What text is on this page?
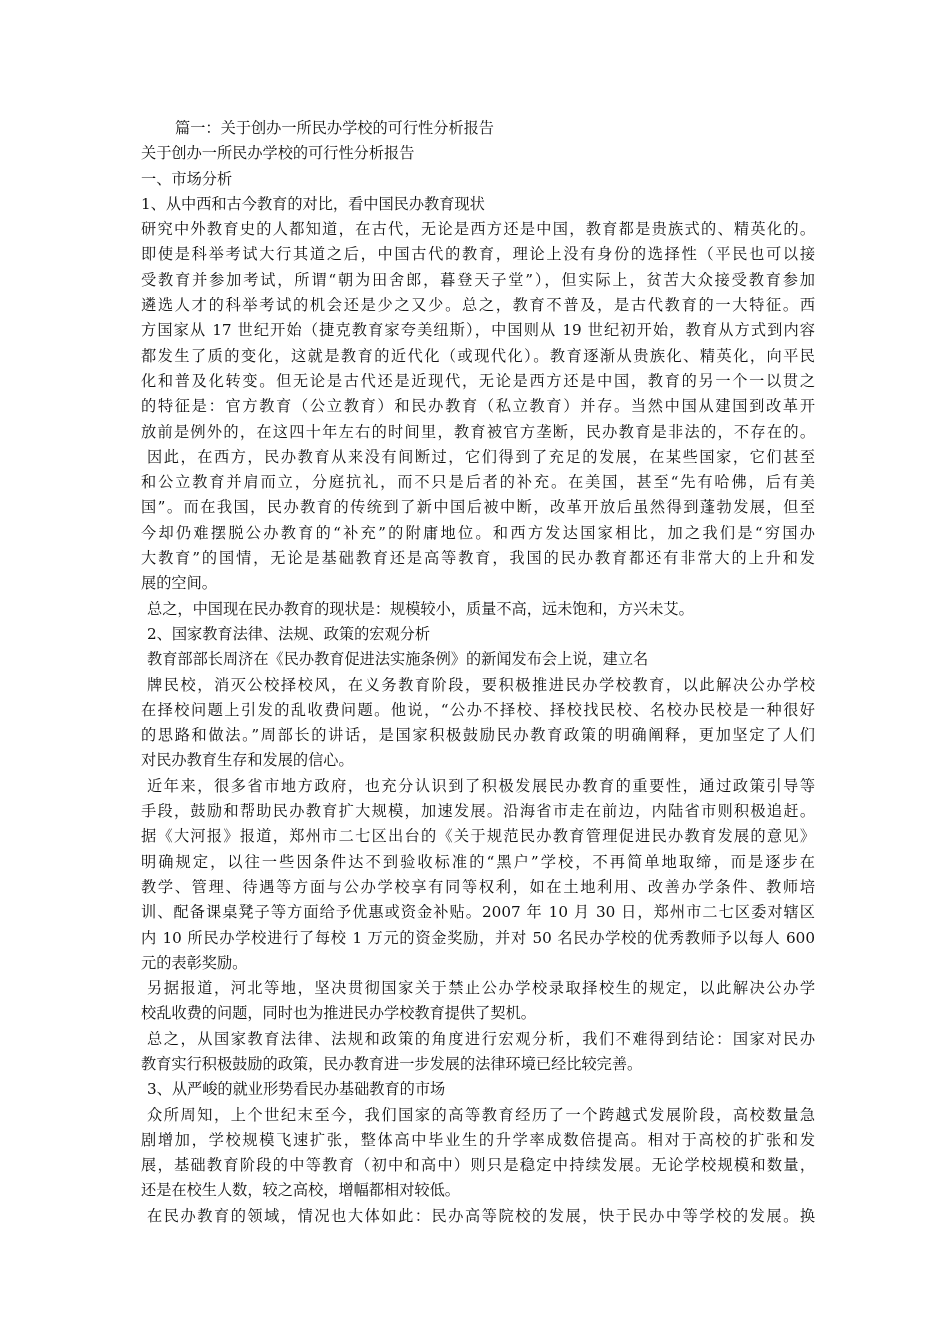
篇一：关于创办一所民办学校的可行性分析报告
关于创办一所民办学校的可行性分析报告
一、市场分析
1、从中西和古今教育的对比，看中国民办教育现状
研究中外教育史的人都知道，在古代，无论是西方还是中国，教育都是贵族式的、精英化的。
即使是科举考试大行其道之后，中国古代的教育，理论上没有身份的选择性（平民也可以接
受教育并参加考试，所谓“朝为田舍郎，暮登天子堂”），但实际上，贫苦大众接受教育参加
遴选人才的科举考试的机会还是少之又少。总之，教育不普及，是古代教育的一大特征。西
方国家从 17 世纪开始（捷克教育家夸美纽斯），中国则从 19 世纪初开始，教育从方式到内容
都发生了质的变化，这就是教育的近代化（或现代化）。教育逐渐从贵族化、精英化，向平民
化和普及化转变。但无论是古代还是近现代，无论是西方还是中国，教育的另一个一以贯之
的特征是：官方教育（公立教育）和民办教育（私立教育）并存。当然中国从建国到改革开
放前是例外的，在这四十年左右的时间里，教育被官方垄断，民办教育是非法的，不存在的。
因此，在西方，民办教育从来没有间断过，它们得到了充足的发展，在某些国家，它们甚至
和公立教育并肩而立，分庭抗礼，而不只是后者的补充。在美国，甚至“先有哈佛，后有美
国”。而在我国，民办教育的传统到了新中国后被中断，改革开放后虽然得到蓬勃发展，但至
今却仍难摆脱公办教育的“补充”的附庸地位。和西方发达国家相比，加之我们是“穷国办
大教育”的国情，无论是基础教育还是高等教育，我国的民办教育都还有非常大的上升和发
展的空间。
总之，中国现在民办教育的现状是：规模较小，质量不高，远未饱和，方兴未艾。
2、国家教育法律、法规、政策的宏观分析
教育部部长周济在《民办教育促进法实施条例》的新闻发布会上说，建立名
牌民校，消灭公校择校风，在义务教育阶段，要积极推进民办学校教育，以此解决公办学校
在择校问题上引发的乱收费问题。他说，“公办不择校、择校找民校、名校办民校是一种很好
的思路和做法。”周部长的讲话，是国家积极鼓励民办教育政策的明确阐释，更加坚定了人们
对民办教育生存和发展的信心。
近年来，很多省市地方政府，也充分认识到了积极发展民办教育的重要性，通过政策引导等
手段，鼓励和帮助民办教育扩大规模，加速发展。沿海省市走在前边，内陆省市则积极追赶。
据《大河报》报道，郑州市二七区出台的《关于规范民办教育管理促进民办教育发展的意见》
明确规定，以往一些因条件达不到验收标准的“黑户”学校，不再简单地取缔，而是逐步在
教学、管理、待遇等方面与公办学校享有同等权利，如在土地利用、改善办学条件、教师培
训、配备课桌凳子等方面给予优惠或资金补贴。2007 年 10 月 30 日，郑州市二七区委对辖区
内 10 所民办学校进行了每校 1 万元的资金奖励，并对 50 名民办学校的优秀教师予以每人 600
元的表彰奖励。
另据报道，河北等地，坚决贯彻国家关于禁止公办学校录取择校生的规定，以此解决公办学
校乱收费的问题，同时也为推进民办学校教育提供了契机。
总之，从国家教育法律、法规和政策的角度进行宏观分析，我们不难得到结论：国家对民办
教育实行积极鼓励的政策，民办教育进一步发展的法律环境已经比较完善。
3、从严峻的就业形势看民办基础教育的市场
众所周知，上个世纪末至今，我们国家的高等教育经历了一个跨越式发展阶段，高校数量急
剧增加，学校规模飞速扩张，整体高中毕业生的升学率成数倍提高。相对于高校的扩张和发
展，基础教育阶段的中等教育（初中和高中）则只是稳定中持续发展。无论学校规模和数量，
还是在校生人数，较之高校，增幅都相对较低。
在民办教育的领域，情况也大体如此：民办高等院校的发展，快于民办中等学校的发展。换
